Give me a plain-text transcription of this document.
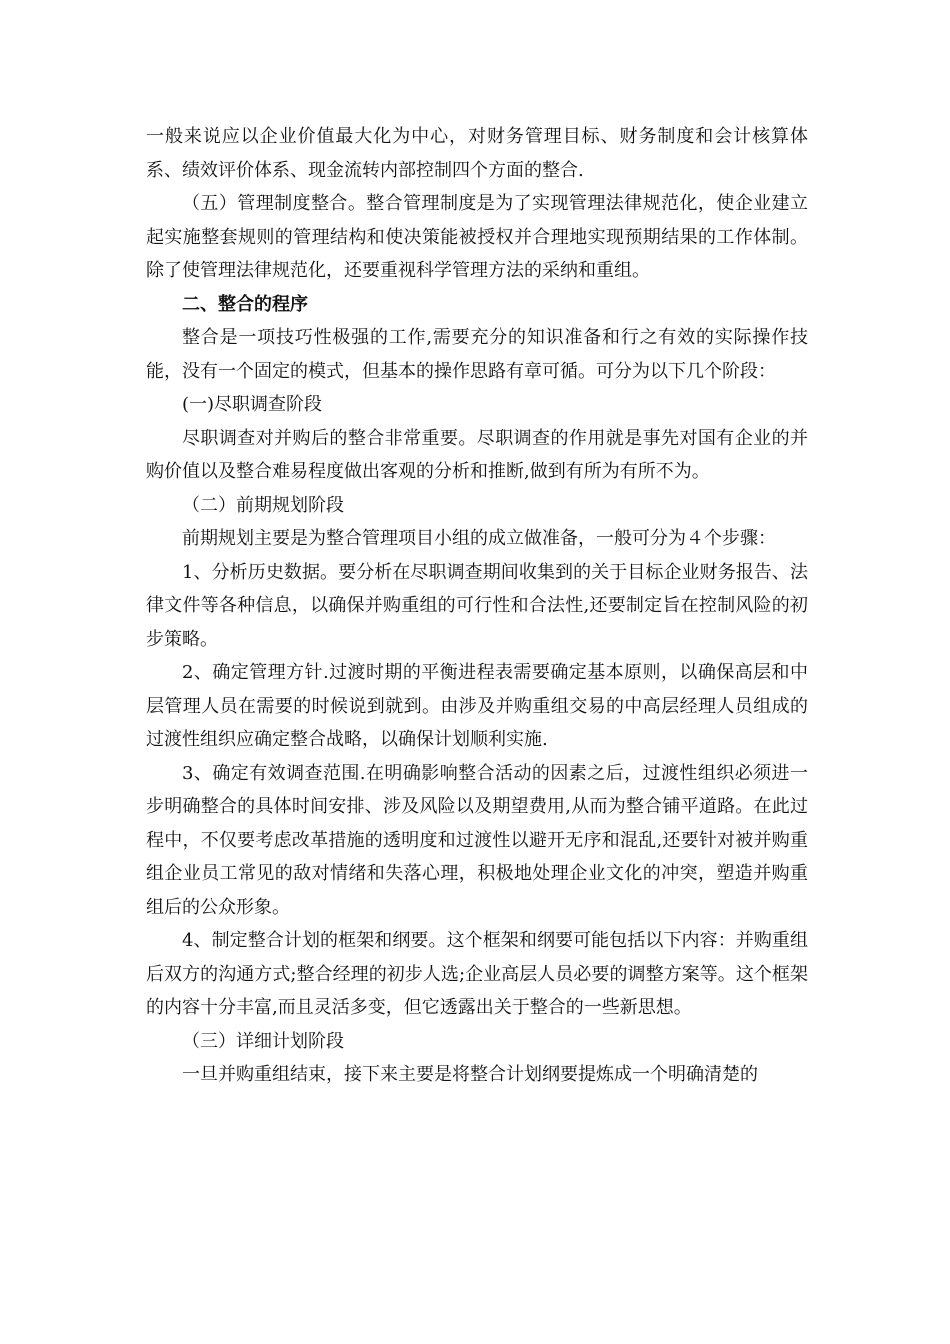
一般来说应以企业价值最大化为中心，对财务管理目标、财务制度和会计核算体系、绩效评价体系、现金流转内部控制四个方面的整合.

（五）管理制度整合。整合管理制度是为了实现管理法律规范化，使企业建立起实施整套规则的管理结构和使决策能被授权并合理地实现预期结果的工作体制。除了使管理法律规范化，还要重视科学管理方法的采纳和重组。

二、整合的程序

整合是一项技巧性极强的工作,需要充分的知识准备和行之有效的实际操作技能，没有一个固定的模式，但基本的操作思路有章可循。可分为以下几个阶段：

(一)尽职调查阶段

尽职调查对并购后的整合非常重要。尽职调查的作用就是事先对国有企业的并购价值以及整合难易程度做出客观的分析和推断,做到有所为有所不为。

（二）前期规划阶段

前期规划主要是为整合管理项目小组的成立做准备，一般可分为４个步骤：

1、分析历史数据。要分析在尽职调查期间收集到的关于目标企业财务报告、法律文件等各种信息，以确保并购重组的可行性和合法性,还要制定旨在控制风险的初步策略。

2、确定管理方针.过渡时期的平衡进程表需要确定基本原则，以确保高层和中层管理人员在需要的时候说到就到。由涉及并购重组交易的中高层经理人员组成的过渡性组织应确定整合战略，以确保计划顺利实施.

3、确定有效调查范围.在明确影响整合活动的因素之后，过渡性组织必须进一步明确整合的具体时间安排、涉及风险以及期望费用,从而为整合铺平道路。在此过程中，不仅要考虑改革措施的透明度和过渡性以避开无序和混乱,还要针对被并购重组企业员工常见的敌对情绪和失落心理，积极地处理企业文化的冲突，塑造并购重组后的公众形象。

4、制定整合计划的框架和纲要。这个框架和纲要可能包括以下内容：并购重组后双方的沟通方式;整合经理的初步人选;企业高层人员必要的调整方案等。这个框架的内容十分丰富,而且灵活多变，但它透露出关于整合的一些新思想。

（三）详细计划阶段

一旦并购重组结束，接下来主要是将整合计划纲要提炼成一个明确清楚的
